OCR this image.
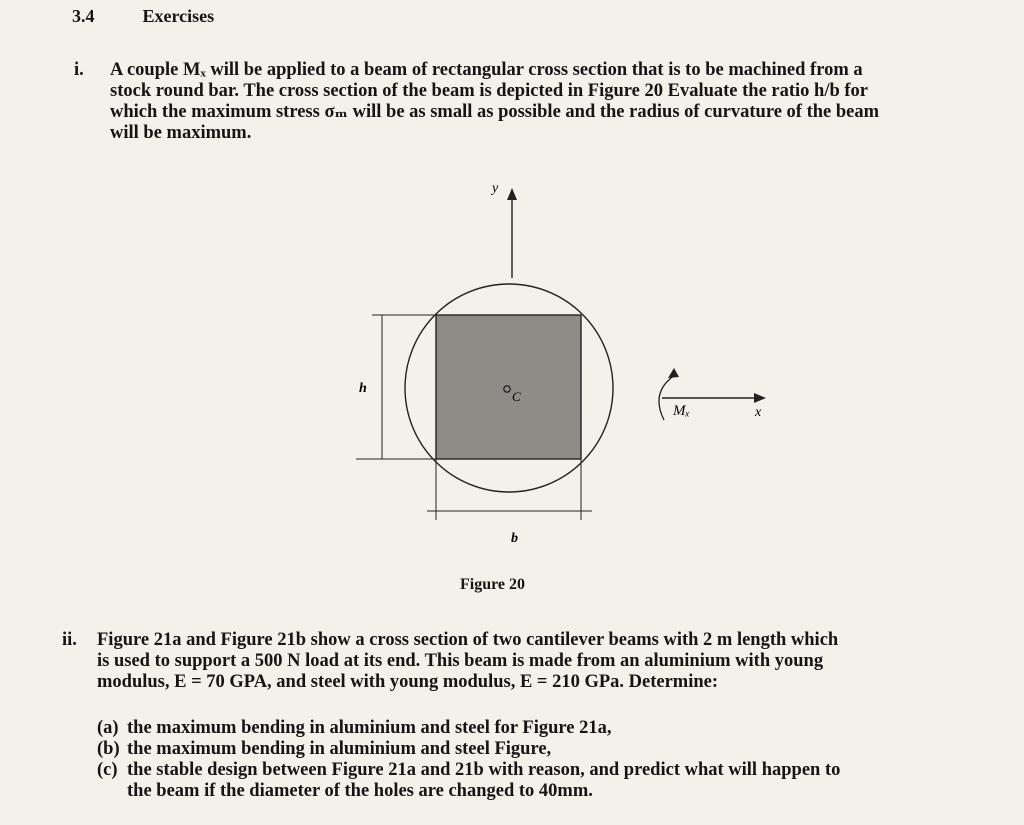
3.4	Exercises
i. A couple Mₓ will be applied to a beam of rectangular cross section that is to be machined from a
stock round bar. The cross section of the beam is depicted in Figure 20 Evaluate the ratio h/b for
which the maximum stress σₘ will be as small as possible and the radius of curvature of the beam
will be maximum.
y
C
h
b
Mₓ	x
Figure 20
ii. Figure 21a and Figure 21b show a cross section of two cantilever beams with 2 m length which
is used to support a 500 N load at its end. This beam is made from an aluminium with young
modulus, E = 70 GPA, and steel with young modulus, E = 210 GPa. Determine:
(a) the maximum bending in aluminium and steel for Figure 21a,
(b) the maximum bending in aluminium and steel Figure,
(c) the stable design between Figure 21a and 21b with reason, and predict what will happen to
the beam if the diameter of the holes are changed to 40mm.
